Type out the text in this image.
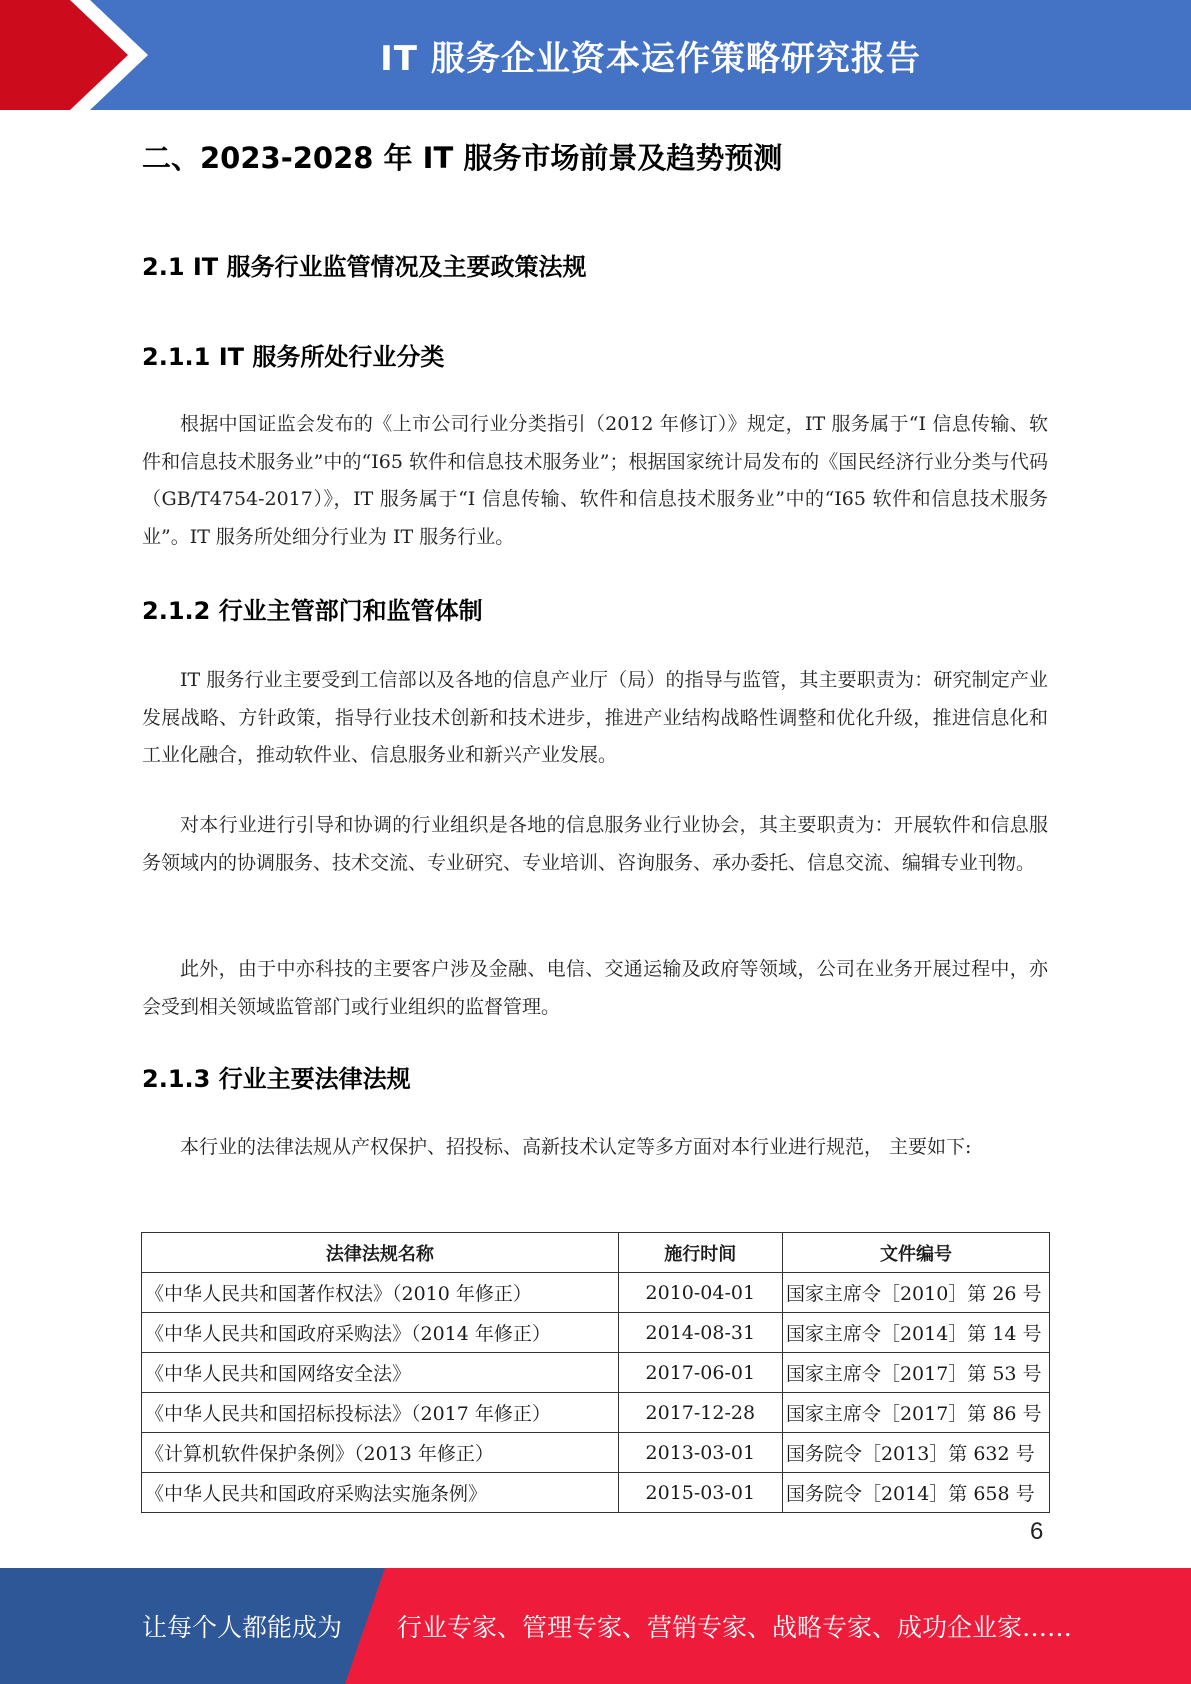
IT 服务企业资本运作策略研究报告
二、2023-2028 年 IT 服务市场前景及趋势预测
2.1 IT 服务行业监管情况及主要政策法规
2.1.1 IT 服务所处行业分类

根据中国证监会发布的《上市公司行业分类指引（2012 年修订）》规定，IT 服务属于“I 信息传输、软件和信息技术服务业”中的“I65 软件和信息技术服务业”；根据国家统计局发布的《国民经济行业分类与代码（GB/T4754-2017）》，IT 服务属于“I 信息传输、软件和信息技术服务业”中的“I65 软件和信息技术服务业”。IT 服务所处细分行业为 IT 服务行业。

2.1.2 行业主管部门和监管体制

IT 服务行业主要受到工信部以及各地的信息产业厅（局）的指导与监管，其主要职责为：研究制定产业发展战略、方针政策，指导行业技术创新和技术进步，推进产业结构战略性调整和优化升级，推进信息化和工业化融合，推动软件业、信息服务业和新兴产业发展。

对本行业进行引导和协调的行业组织是各地的信息服务业行业协会，其主要职责为：开展软件和信息服务领域内的协调服务、技术交流、专业研究、专业培训、咨询服务、承办委托、信息交流、编辑专业刊物。

此外，由于中亦科技的主要客户涉及金融、电信、交通运输及政府等领域，公司在业务开展过程中，亦会受到相关领域监管部门或行业组织的监督管理。

2.1.3 行业主要法律法规

本行业的法律法规从产权保护、招投标、高新技术认定等多方面对本行业进行规范， 主要如下:

法律法规名称	施行时间	文件编号
《中华人民共和国著作权法》（2010 年修正）	2010-04-01	国家主席令［2010］第 26 号
《中华人民共和国政府采购法》（2014 年修正）	2014-08-31	国家主席令［2014］第 14 号
《中华人民共和国网络安全法》	2017-06-01	国家主席令［2017］第 53 号
《中华人民共和国招标投标法》（2017 年修正）	2017-12-28	国家主席令［2017］第 86 号
《计算机软件保护条例》（2013 年修正）	2013-03-01	国务院令［2013］第 632 号
《中华人民共和国政府采购法实施条例》	2015-03-01	国务院令［2014］第 658 号
6
让每个人都能成为 行业专家、管理专家、营销专家、战略专家、成功企业家……
